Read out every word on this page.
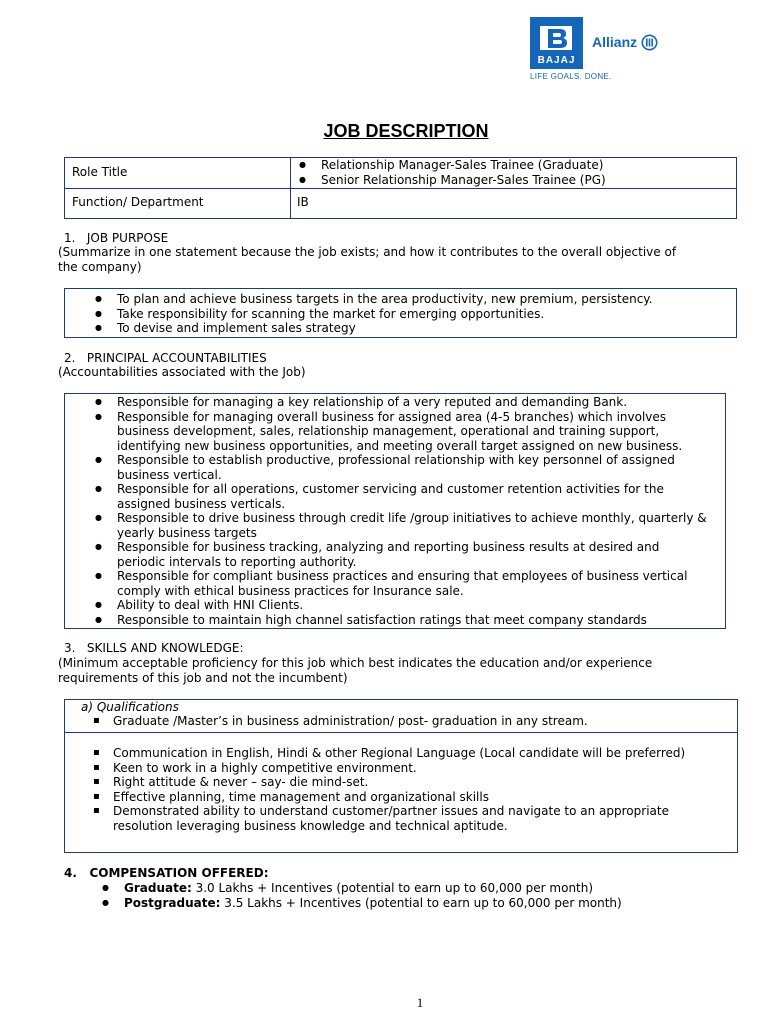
BAJAJ
Allianz
LIFE GOALS. DONE.
JOB DESCRIPTION
Role Title
●	Relationship Manager-Sales Trainee (Graduate)
● Senior Relationship Manager-Sales Trainee (PG)
Function/ Department	IB
1.   JOB PURPOSE
(Summarize in one statement because the job exists; and how it contributes to the overall objective of the company)
● To plan and achieve business targets in the area productivity, new premium, persistency.
● Take responsibility for scanning the market for emerging opportunities.
● To devise and implement sales strategy
2.   PRINCIPAL ACCOUNTABILITIES
(Accountabilities associated with the Job)
● Responsible for managing a key relationship of a very reputed and demanding Bank.
● Responsible for managing overall business for assigned area (4-5 branches) which involves business development, sales, relationship management, operational and training support, identifying new business opportunities, and meeting overall target assigned on new business.
● Responsible to establish productive, professional relationship with key personnel of assigned business vertical.
● Responsible for all operations, customer servicing and customer retention activities for the assigned business verticals.
● Responsible to drive business through credit life /group initiatives to achieve monthly, quarterly & yearly business targets
● Responsible for business tracking, analyzing and reporting business results at desired and periodic intervals to reporting authority.
● Responsible for compliant business practices and ensuring that employees of business vertical comply with ethical business practices for Insurance sale.
● Ability to deal with HNI Clients.
● Responsible to maintain high channel satisfaction ratings that meet company standards
3.   SKILLS AND KNOWLEDGE:
(Minimum acceptable proficiency for this job which best indicates the education and/or experience requirements of this job and not the incumbent)
a) Qualifications
▪ Graduate /Master’s in business administration/ post- graduation in any stream.
▪ Communication in English, Hindi & other Regional Language (Local candidate will be preferred)
▪ Keen to work in a highly competitive environment.
▪ Right attitude & never – say- die mind-set.
▪ Effective planning, time management and organizational skills
▪ Demonstrated ability to understand customer/partner issues and navigate to an appropriate resolution leveraging business knowledge and technical aptitude.
4.   COMPENSATION OFFERED:
● Graduate: 3.0 Lakhs + Incentives (potential to earn up to 60,000 per month)
● Postgraduate: 3.5 Lakhs + Incentives (potential to earn up to 60,000 per month)
1
